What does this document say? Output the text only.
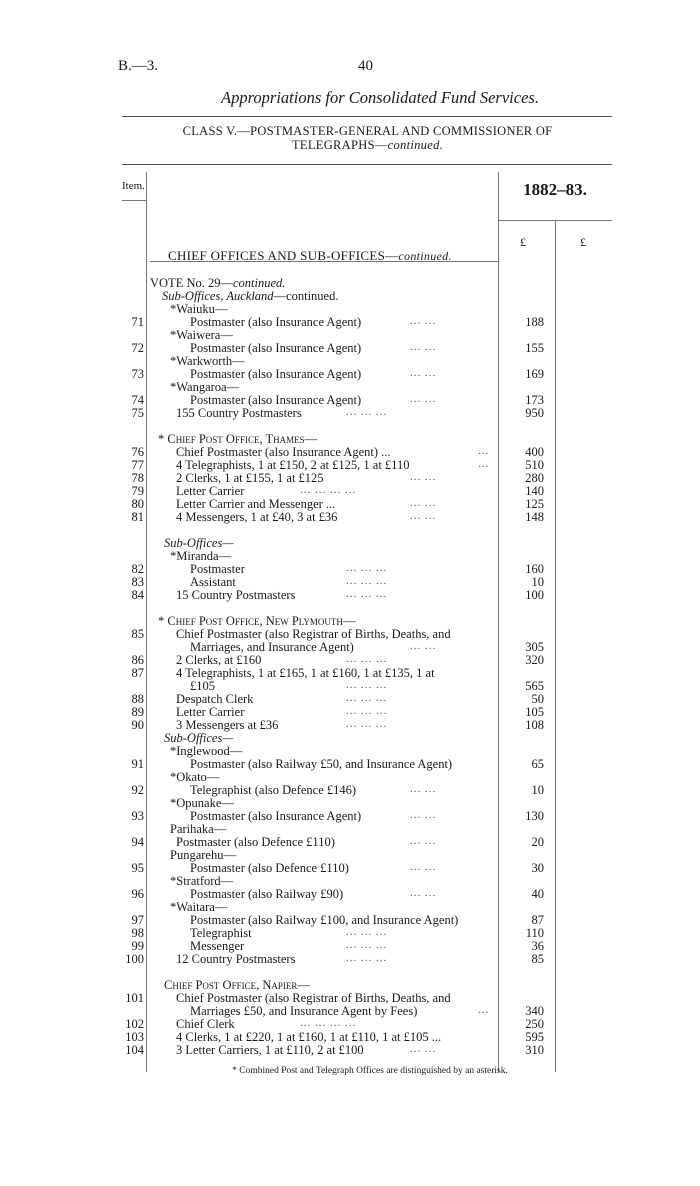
B.—3.	40
Appropriations for Consolidated Fund Services.
CLASS V.—POSTMASTER-GENERAL AND COMMISSIONER OF
TELEGRAPHS—continued.
Item.	1882–83.
£	£
CHIEF OFFICES AND SUB-OFFICES—continued.
VOTE No. 29—continued.
Sub-Offices, Auckland—continued.
*Waiuku—
71	Postmaster (also Insurance Agent)	... ...	188
*Waiwera—
72	Postmaster (also Insurance Agent)	... ...	155
*Warkworth—
73	Postmaster (also Insurance Agent)	... ...	169
*Wangaroa—
74	Postmaster (also Insurance Agent)	... ...	173
75	155 Country Postmasters	... ... ...	950
* Chief Post Office, Thames—
76	Chief Postmaster (also Insurance Agent) ...	...	400
77	4 Telegraphists, 1 at £150, 2 at £125, 1 at £110	...	510
78	2 Clerks, 1 at £155, 1 at £125	... ...	280
79	Letter Carrier	... ... ... ...	140
80	Letter Carrier and Messenger ...	... ...	125
81	4 Messengers, 1 at £40, 3 at £36	... ...	148
Sub-Offices—
*Miranda—
82	Postmaster	... ... ...	160
83	Assistant	... ... ...	10
84	15 Country Postmasters	... ... ...	100
* Chief Post Office, New Plymouth—
85	Chief Postmaster (also Registrar of Births, Deaths, and
Marriages, and Insurance Agent)	... ...	305
86	2 Clerks, at £160	... ... ...	320
87	4 Telegraphists, 1 at £165, 1 at £160, 1 at £135, 1 at
£105	... ... ...	565
88	Despatch Clerk	... ... ...	50
89	Letter Carrier	... ... ...	105
90	3 Messengers at £36	... ... ...	108
Sub-Offices—
*Inglewood—
91	Postmaster (also Railway £50, and Insurance Agent)	65
*Okato—
92	Telegraphist (also Defence £146)	... ...	10
*Opunake—
93	Postmaster (also Insurance Agent)	... ...	130
Parihaka—
94	Postmaster (also Defence £110)	... ...	20
Pungarehu—
95	Postmaster (also Defence £110)	... ...	30
*Stratford—
96	Postmaster (also Railway £90)	... ...	40
*Waitara—
97	Postmaster (also Railway £100, and Insurance Agent)	87
98	Telegraphist	... ... ...	110
99	Messenger	... ... ...	36
100	12 Country Postmasters	... ... ...	85
Chief Post Office, Napier—
101	Chief Postmaster (also Registrar of Births, Deaths, and
Marriages £50, and Insurance Agent by Fees)	...	340
102	Chief Clerk	... ... ... ...	250
103	4 Clerks, 1 at £220, 1 at £160, 1 at £110, 1 at £105 ...	595
104	3 Letter Carriers, 1 at £110, 2 at £100	... ...	310
* Combined Post and Telegraph Offices are distinguished by an asterisk.
